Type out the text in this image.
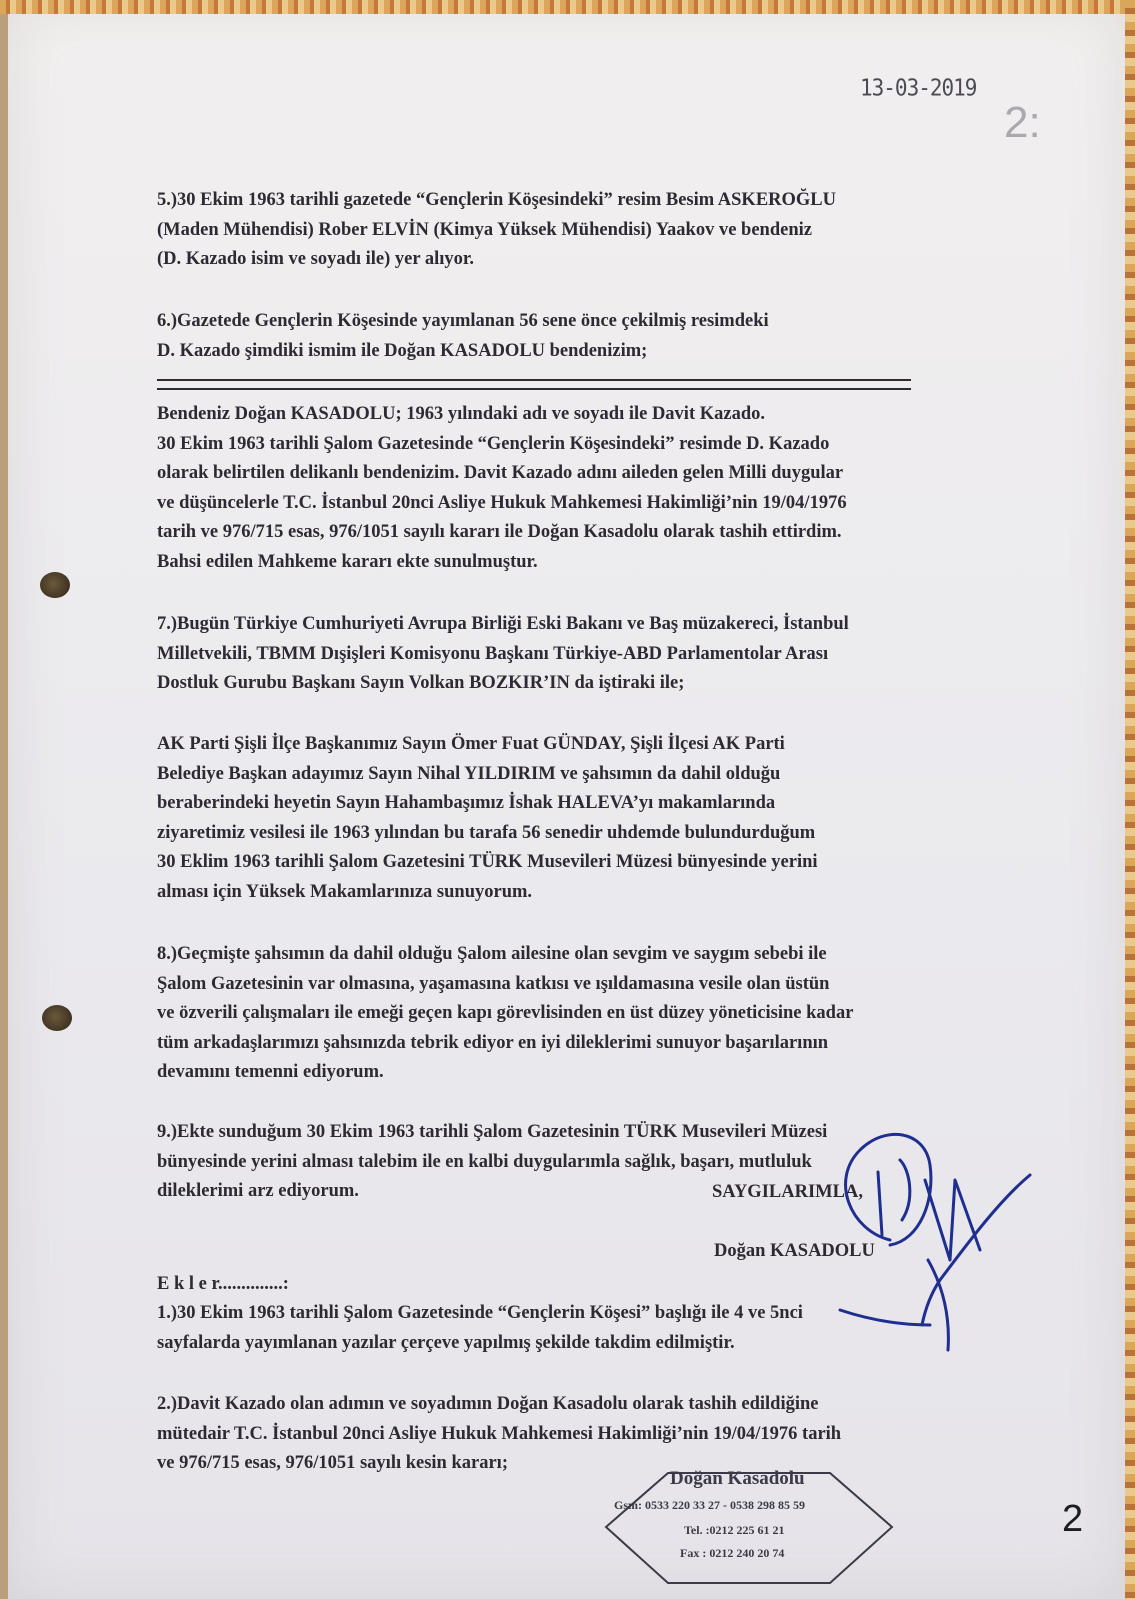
13-03-2019
2:
5.)30 Ekim 1963 tarihli gazetede “Gençlerin Köşesindeki” resim Besim ASKEROĞLU
(Maden Mühendisi) Rober ELVİN (Kimya Yüksek Mühendisi) Yaakov ve bendeniz
(D. Kazado isim ve soyadı ile) yer alıyor.
6.)Gazetede Gençlerin Köşesinde yayımlanan 56 sene önce çekilmiş resimdeki
D. Kazado şimdiki ismim ile Doğan KASADOLU bendenizim;
Bendeniz Doğan KASADOLU; 1963 yılındaki adı ve soyadı ile Davit Kazado.
30 Ekim 1963 tarihli Şalom Gazetesinde “Gençlerin Köşesindeki” resimde D. Kazado
olarak belirtilen delikanlı bendenizim. Davit Kazado adını aileden gelen Milli duygular
ve düşüncelerle T.C. İstanbul 20nci Asliye Hukuk Mahkemesi Hakimliği’nin 19/04/1976
tarih ve 976/715 esas, 976/1051 sayılı kararı ile Doğan Kasadolu olarak tashih ettirdim.
Bahsi edilen Mahkeme kararı ekte sunulmuştur.
7.)Bugün Türkiye Cumhuriyeti Avrupa Birliği Eski Bakanı ve Baş müzakereci, İstanbul
Milletvekili, TBMM Dışişleri Komisyonu Başkanı Türkiye-ABD Parlamentolar Arası
Dostluk Gurubu Başkanı Sayın Volkan BOZKIR’IN da iştiraki ile;
AK Parti Şişli İlçe Başkanımız Sayın Ömer Fuat GÜNDAY, Şişli İlçesi AK Parti
Belediye Başkan adayımız Sayın Nihal YILDIRIM ve şahsımın da dahil olduğu
beraberindeki heyetin Sayın Hahambaşımız İshak HALEVA’yı makamlarında
ziyaretimiz vesilesi ile 1963 yılından bu tarafa 56 senedir uhdemde bulundurduğum
30 Eklim 1963 tarihli Şalom Gazetesini TÜRK Musevileri Müzesi bünyesinde yerini
alması için Yüksek Makamlarınıza sunuyorum.
8.)Geçmişte şahsımın da dahil olduğu Şalom ailesine olan sevgim ve saygım sebebi ile
Şalom Gazetesinin var olmasına, yaşamasına katkısı ve ışıldamasına vesile olan üstün
ve özverili çalışmaları ile emeği geçen kapı görevlisinden en üst düzey yöneticisine kadar
tüm arkadaşlarımızı şahsınızda tebrik ediyor en iyi dileklerimi sunuyor başarılarının
devamını temenni ediyorum.
9.)Ekte sunduğum 30 Ekim 1963 tarihli Şalom Gazetesinin TÜRK Musevileri Müzesi
bünyesinde yerini alması talebim ile en kalbi duygularımla sağlık, başarı, mutluluk
dileklerimi arz ediyorum.	SAYGILARIMLA,
Doğan KASADOLU
E k l e r..............:
1.)30 Ekim 1963 tarihli Şalom Gazetesinde “Gençlerin Köşesi” başlığı ile 4 ve 5nci
sayfalarda yayımlanan yazılar çerçeve yapılmış şekilde takdim edilmiştir.
2.)Davit Kazado olan adımın ve soyadımın Doğan Kasadolu olarak tashih edildiğine
mütedair T.C. İstanbul 20nci Asliye Hukuk Mahkemesi Hakimliği’nin 19/04/1976 tarih
ve 976/715 esas, 976/1051 sayılı kesin kararı;
Doğan Kasadolu
Gsm: 0533 220 33 27 - 0538 298 85 59
Tel. :0212 225 61 21
Fax : 0212 240 20 74
2
